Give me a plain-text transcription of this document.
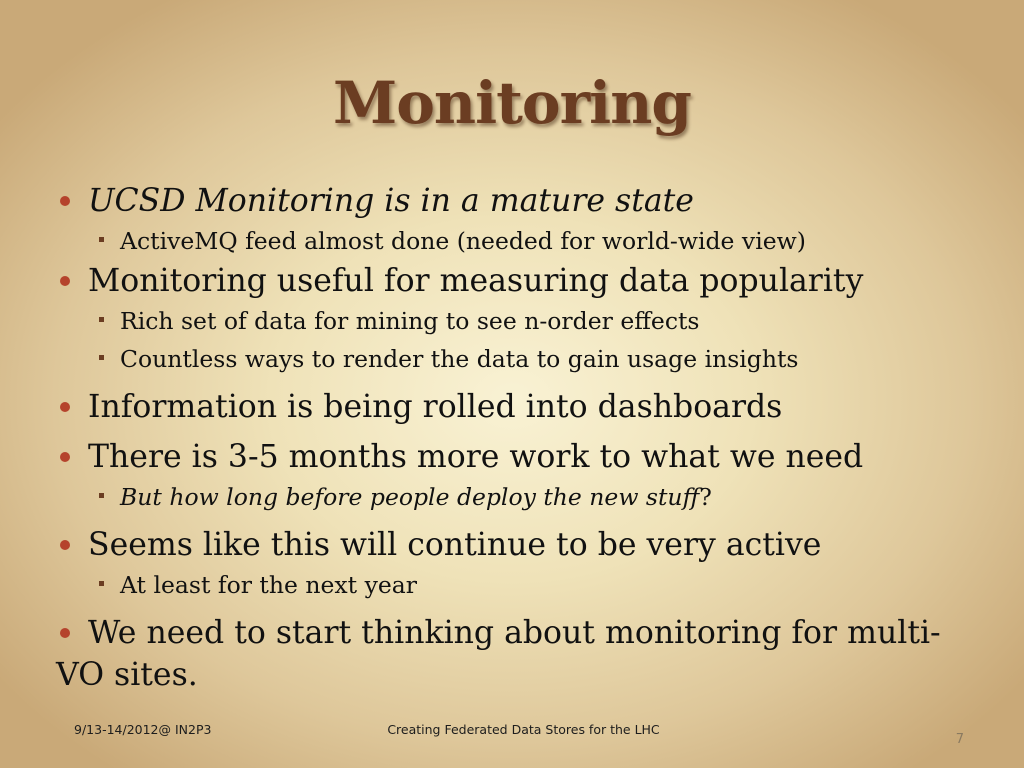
Monitoring
UCSD Monitoring is in a mature state
ActiveMQ feed almost done (needed for world-wide view)
Monitoring useful for measuring data popularity
Rich set of data for mining to see n-order effects
Countless ways to render the data to gain usage insights
Information is being rolled into dashboards
There is 3-5 months more work to what we need
But how long before people deploy the new stuff?
Seems like this will continue to be very active
At least for the next year
We need to start thinking about monitoring for multi-VO sites.
9/13-14/2012@ IN2P3	Creating Federated Data Stores for the LHC
7
